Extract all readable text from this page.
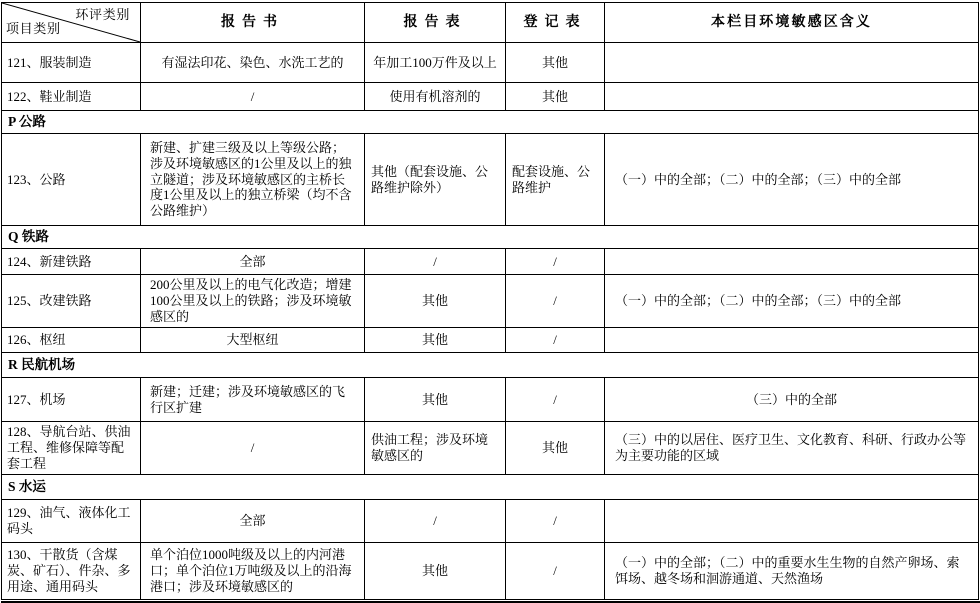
环评类别
项目类别	报告书	报告表	登记表	本栏目环境敏感区含义
121、服装制造	有湿法印花、染色、水洗工艺的	年加工100万件及以上	其他	
122、鞋业制造	/	使用有机溶剂的	其他	
P 公路				
123、公路	新建、扩建三级及以上等级公路；涉及环境敏感区的1公里及以上的独立隧道；涉及环境敏感区的主桥长度1公里及以上的独立桥梁（均不含公路维护）	其他（配套设施、公路维护除外）	配套设施、公路维护	（一）中的全部；（二）中的全部；（三）中的全部
Q 铁路				
124、新建铁路	全部	/	/	
125、改建铁路	200公里及以上的电气化改造；增建100公里及以上的铁路；涉及环境敏感区的	其他	/	（一）中的全部；（二）中的全部；（三）中的全部
126、枢纽	大型枢纽	其他	/	
R 民航机场				
127、机场	新建；迁建；涉及环境敏感区的飞行区扩建	其他	/	（三）中的全部
128、导航台站、供油工程、维修保障等配套工程	/	供油工程；涉及环境敏感区的	其他	（三）中的以居住、医疗卫生、文化教育、科研、行政办公等为主要功能的区域
S 水运				
129、油气、液体化工码头	全部	/	/	
130、干散货（含煤炭、矿石）、件杂、多用途、通用码头	单个泊位1000吨级及以上的内河港口；单个泊位1万吨级及以上的沿海港口；涉及环境敏感区的	其他	/	（一）中的全部；（二）中的重要水生生物的自然产卵场、索饵场、越冬场和洄游通道、天然渔场
